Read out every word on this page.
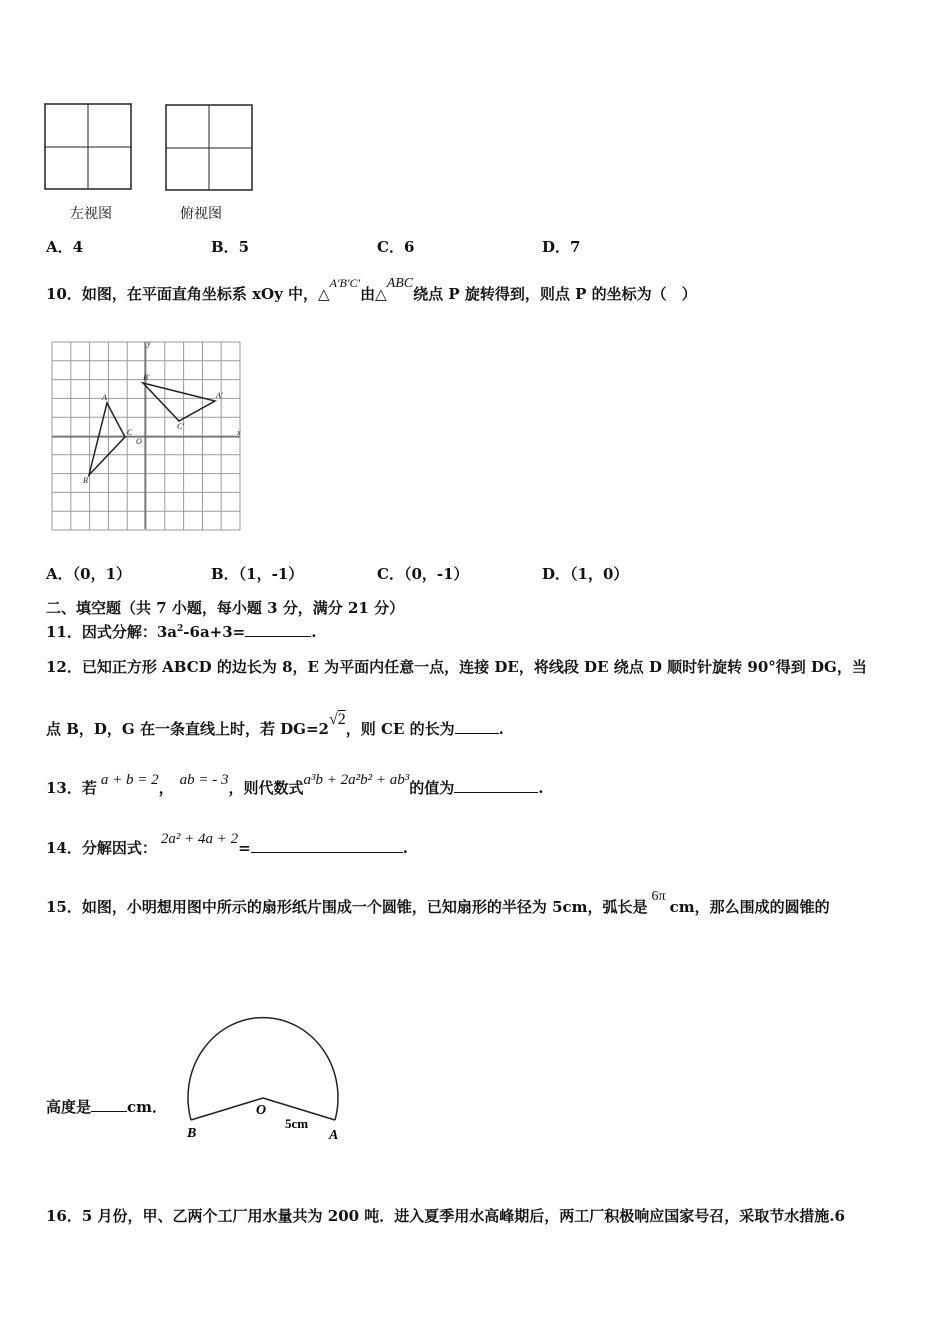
左视图	俯视图
A．4	B．5	C．6	D．7
10．如图，在平面直角坐标系 xOy 中，△$^{A'B'C'}$由△ABC绕点 P 旋转得到，则点 P 的坐标为（　）
y
x
O
A
B
C
A′
B′
C′
A．（0，1）	B．（1，-1）	C．（0，-1）	D．（1，0）
二、填空题（共 7 小题，每小题 3 分，满分 21 分）
11．因式分解：$3a^2-6a+3=$	.
12．已知正方形 ABCD 的边长为 8，E 为平面内任意一点，连接 DE，将线段 DE 绕点 D 顺时针旋转 90°得到 DG，当
点 B，D，G 在一条直线上时，若 DG=2√2，则 CE 的长为	.
13．若 a + b = 2， ab = - 3，则代数式a³b + 2a²b² + ab³的值为	.
14．分解因式： 2a² + 4a + 2=	.
15．如图，小明想用图中所示的扇形纸片围成一个圆锥，已知扇形的半径为 5cm，弧长是6πcm，那么围成的圆锥的
高度是 cm．	O
B	A
5cm
16．5 月份，甲、乙两个工厂用水量共为 200 吨．进入夏季用水高峰期后，两工厂积极响应国家号召，采取节水措施.6
